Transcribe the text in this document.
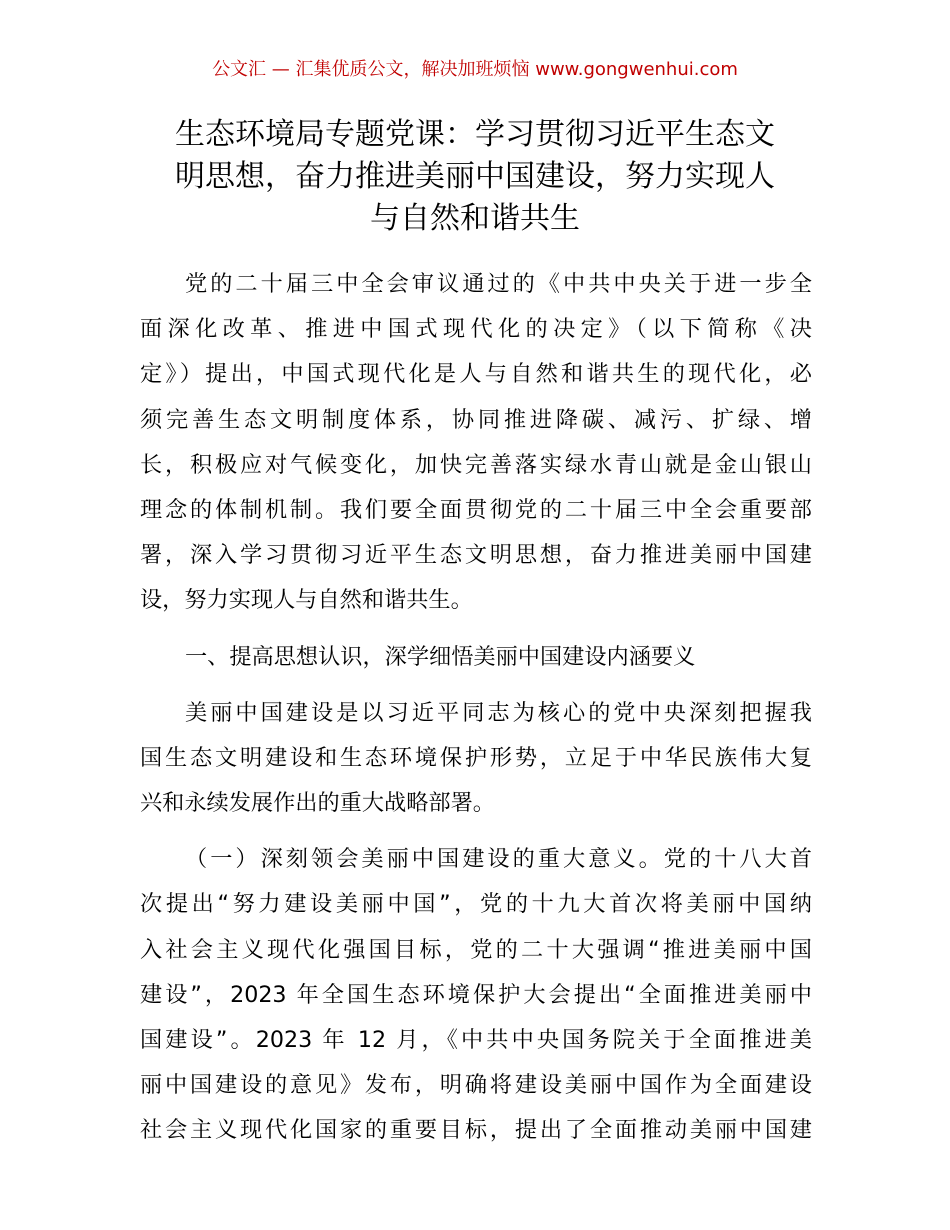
公文汇 — 汇集优质公文，解决加班烦恼 www.gongwenhui.com
生态环境局专题党课：学习贯彻习近平生态文
明思想，奋力推进美丽中国建设，努力实现人
与自然和谐共生
党的二十届三中全会审议通过的《中共中央关于进一步全
面深化改革、推进中国式现代化的决定》（以下简称《决
定》）提出，中国式现代化是人与自然和谐共生的现代化，必
须完善生态文明制度体系，协同推进降碳、减污、扩绿、增
长，积极应对气候变化，加快完善落实绿水青山就是金山银山
理念的体制机制。我们要全面贯彻党的二十届三中全会重要部
署，深入学习贯彻习近平生态文明思想，奋力推进美丽中国建
设，努力实现人与自然和谐共生。
一、提高思想认识，深学细悟美丽中国建设内涵要义
美丽中国建设是以习近平同志为核心的党中央深刻把握我
国生态文明建设和生态环境保护形势，立足于中华民族伟大复
兴和永续发展作出的重大战略部署。
（一）深刻领会美丽中国建设的重大意义。党的十八大首
次提出“努力建设美丽中国”，党的十九大首次将美丽中国纳
入社会主义现代化强国目标，党的二十大强调“推进美丽中国
建设”，2023 年全国生态环境保护大会提出“全面推进美丽中
国建设”。2023 年 12 月，《中共中央国务院关于全面推进美
丽中国建设的意见》发布，明确将建设美丽中国作为全面建设
社会主义现代化国家的重要目标，提出了全面推动美丽中国建
